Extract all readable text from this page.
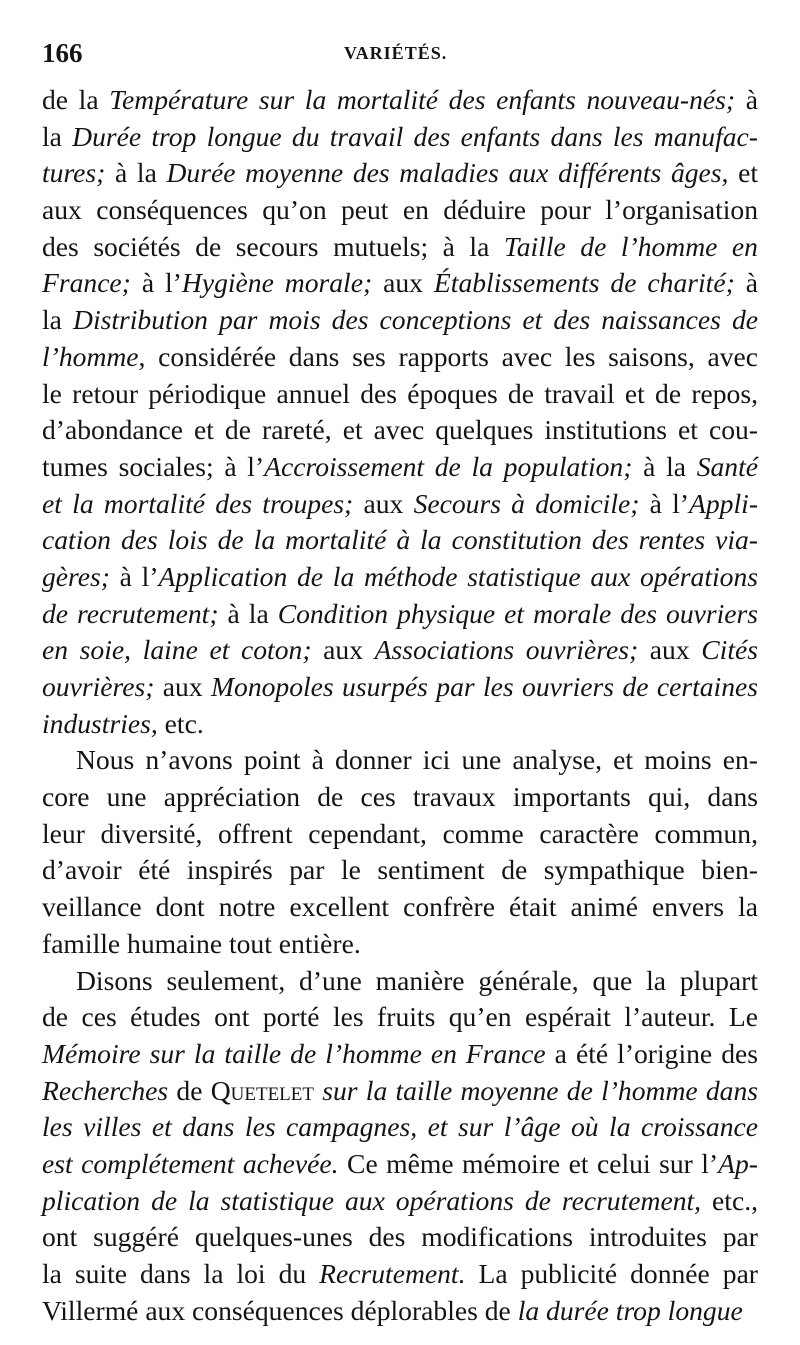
166	VARIÉTÉS.
de la Température sur la mortalité des enfants nouveau-nés; à
la Durée trop longue du travail des enfants dans les manufac-
tures; à la Durée moyenne des maladies aux différents âges, et
aux conséquences qu’on peut en déduire pour l’organisation
des sociétés de secours mutuels; à la Taille de l’homme en
France; à l’Hygiène morale; aux Établissements de charité; à
la Distribution par mois des conceptions et des naissances de
l’homme, considérée dans ses rapports avec les saisons, avec
le retour périodique annuel des époques de travail et de repos,
d’abondance et de rareté, et avec quelques institutions et cou-
tumes sociales; à l’Accroissement de la population; à la Santé
et la mortalité des troupes; aux Secours à domicile; à l’Appli-
cation des lois de la mortalité à la constitution des rentes via-
gères; à l’Application de la méthode statistique aux opérations
de recrutement; à la Condition physique et morale des ouvriers
en soie, laine et coton; aux Associations ouvrières; aux Cités
ouvrières; aux Monopoles usurpés par les ouvriers de certaines
industries, etc.
Nous n’avons point à donner ici une analyse, et moins en-
core une appréciation de ces travaux importants qui, dans
leur diversité, offrent cependant, comme caractère commun,
d’avoir été inspirés par le sentiment de sympathique bien-
veillance dont notre excellent confrère était animé envers la
famille humaine tout entière.
Disons seulement, d’une manière générale, que la plupart
de ces études ont porté les fruits qu’en espérait l’auteur. Le
Mémoire sur la taille de l’homme en France a été l’origine des
Recherches de Quetelet sur la taille moyenne de l’homme dans
les villes et dans les campagnes, et sur l’âge où la croissance
est complétement achevée. Ce même mémoire et celui sur l’Ap-
plication de la statistique aux opérations de recrutement, etc.,
ont suggéré quelques-unes des modifications introduites par
la suite dans la loi du Recrutement. La publicité donnée par
Villermé aux conséquences déplorables de la durée trop longue
